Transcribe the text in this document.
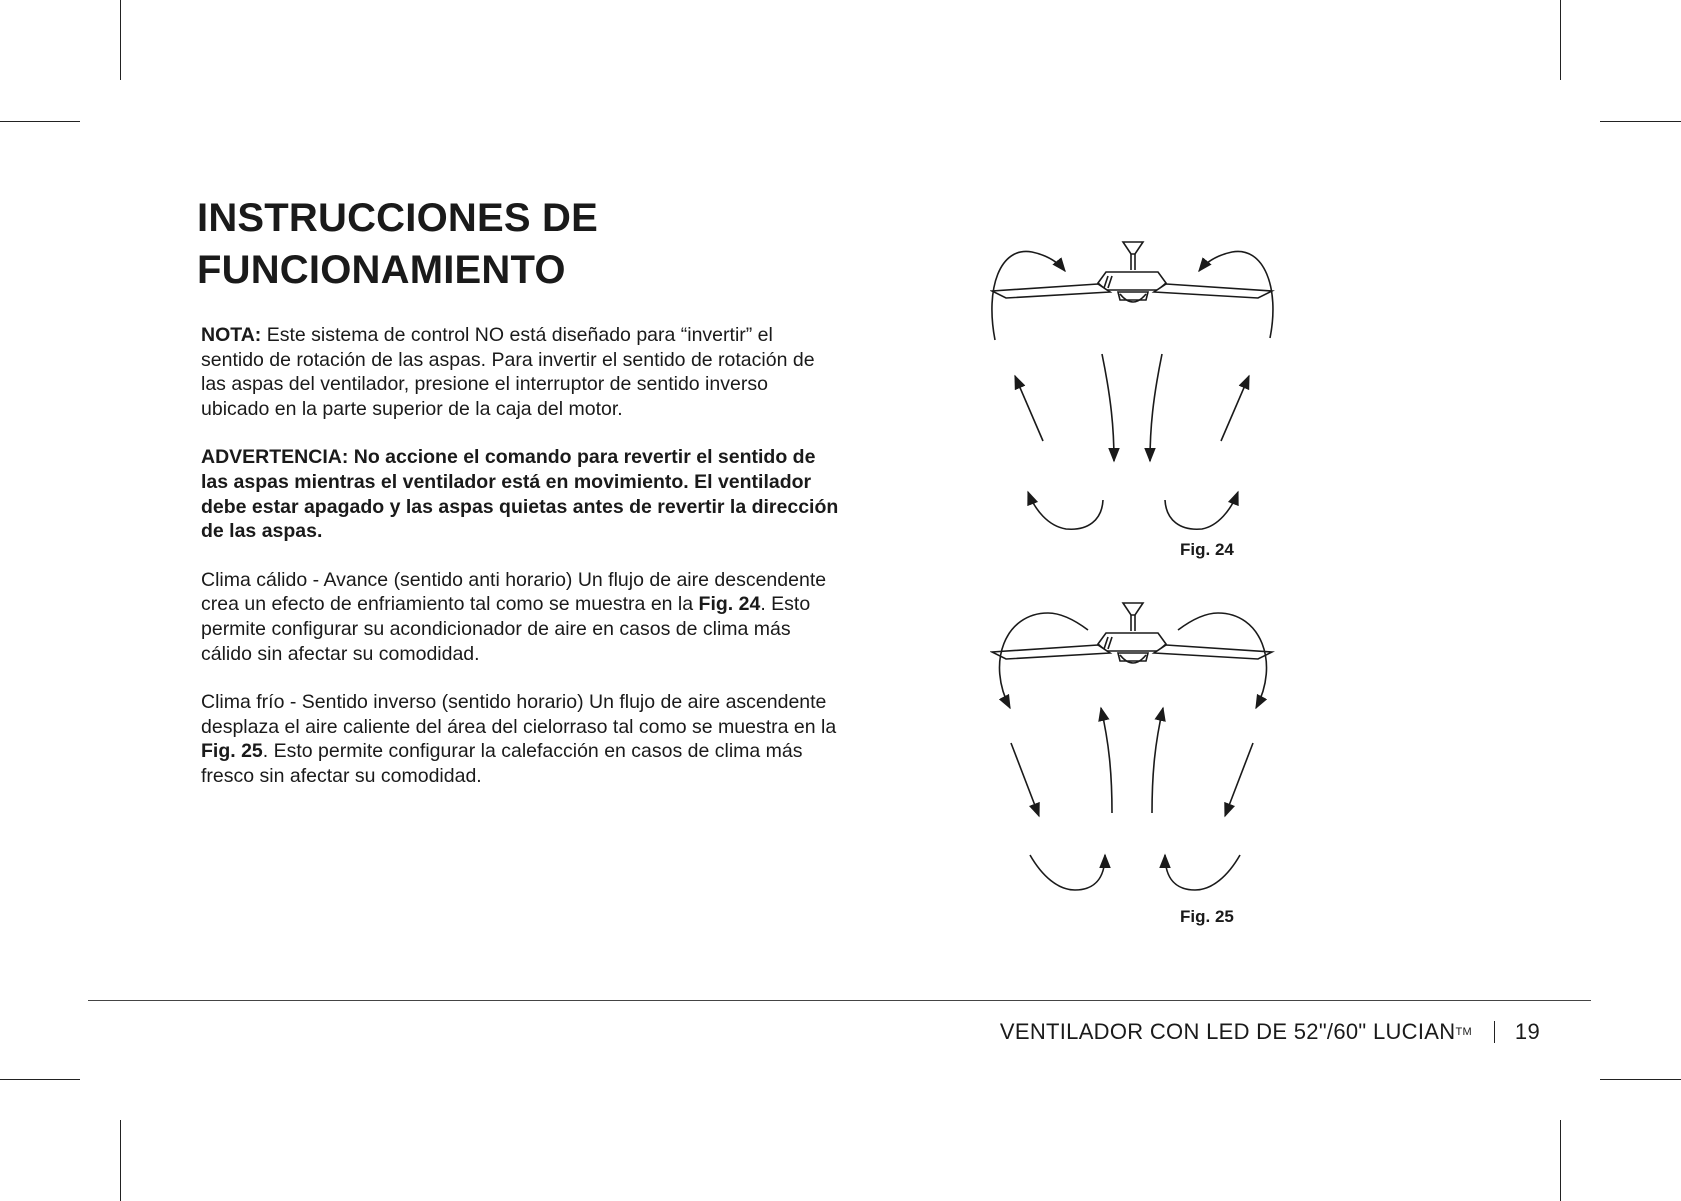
INSTRUCCIONES DE
FUNCIONAMIENTO

NOTA: Este sistema de control NO está diseñado para “invertir” el sentido de rotación de las aspas. Para invertir el sentido de rotación de las aspas del ventilador, presione el interruptor de sentido inverso ubicado en la parte superior de la caja del motor.

ADVERTENCIA: No accione el comando para revertir el sentido de las aspas mientras el ventilador está en movimiento. El ventilador debe estar apagado y las aspas quietas antes de revertir la dirección de las aspas.

Clima cálido - Avance (sentido anti horario) Un flujo de aire descendente crea un efecto de enfriamiento tal como se muestra en la Fig. 24. Esto permite configurar su acondicionador de aire en casos de clima más cálido sin afectar su comodidad.

Clima frío - Sentido inverso (sentido horario) Un flujo de aire ascendente desplaza el aire caliente del área del cielorraso tal como se muestra en la Fig. 25. Esto permite configurar la calefacción en casos de clima más fresco sin afectar su comodidad.

Fig. 24
Fig. 25
VENTILADOR CON LED DE 52"/60" LUCIAN TM 19
